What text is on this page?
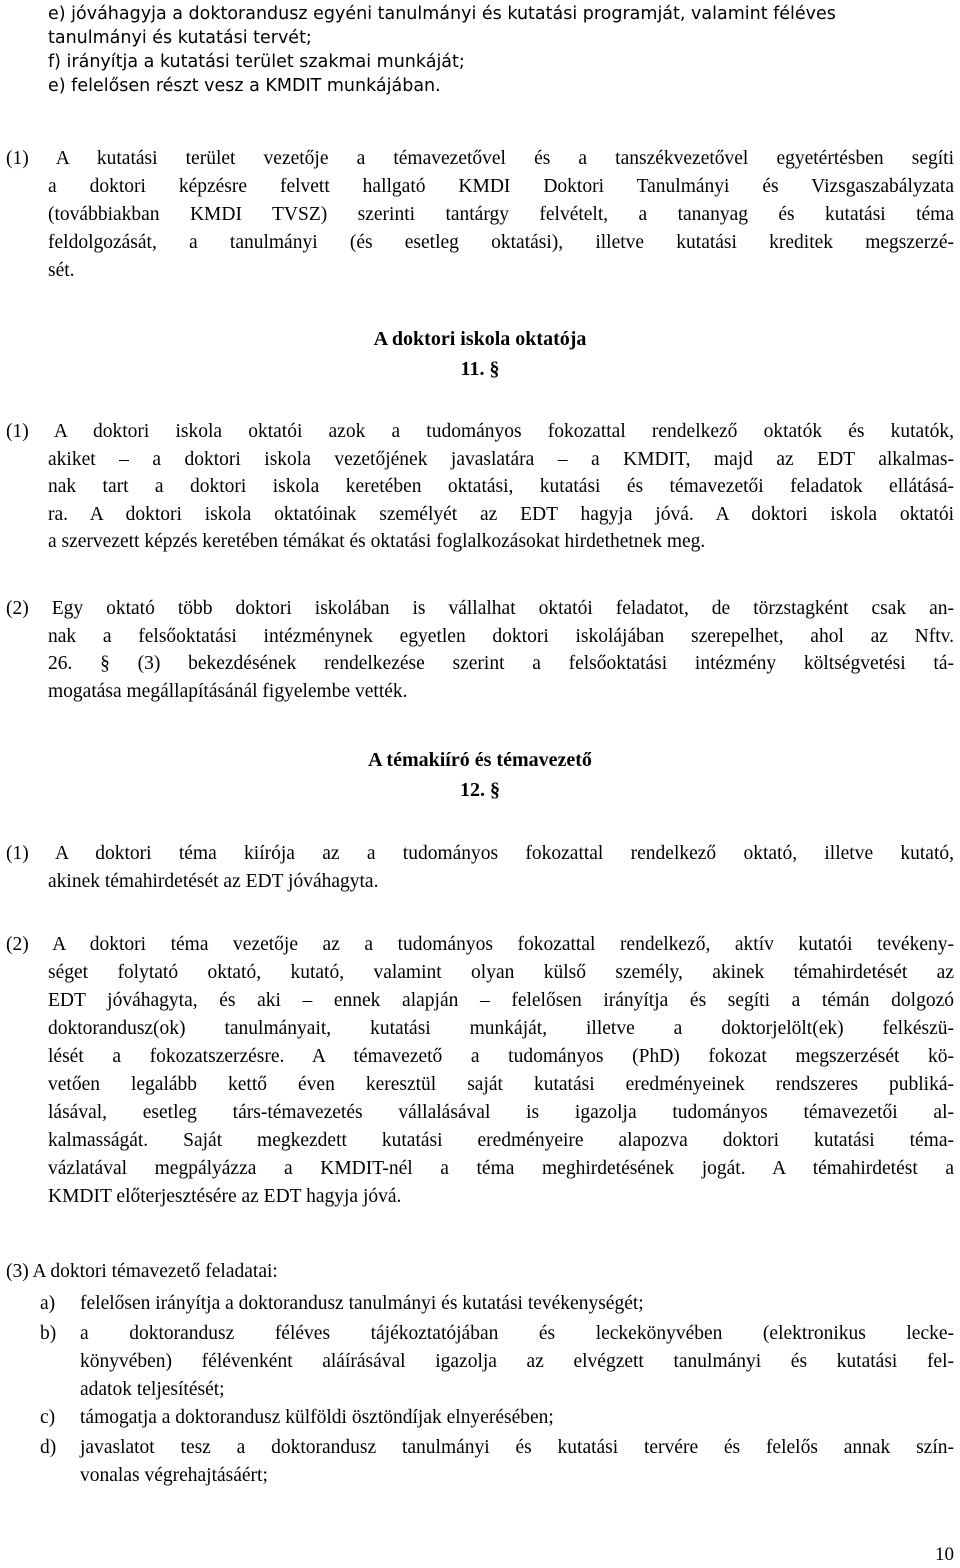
e) jóváhagyja a doktorandusz egyéni tanulmányi és kutatási programját, valamint féléves
tanulmányi és kutatási tervét;
f) irányítja a kutatási terület szakmai munkáját;
e) felelősen részt vesz a KMDIT munkájában.
(1) A kutatási terület vezetője a témavezetővel és a tanszékvezetővel egyetértésben segíti
a doktori képzésre felvett hallgató KMDI Doktori Tanulmányi és Vizsgaszabályzata
(továbbiakban KMDI TVSZ) szerinti tantárgy felvételt, a tananyag és kutatási téma
feldolgozását, a tanulmányi (és esetleg oktatási), illetve kutatási kreditek megszerzé-
sét.
A doktori iskola oktatója
11. §
(1) A doktori iskola oktatói azok a tudományos fokozattal rendelkező oktatók és kutatók,
akiket – a doktori iskola vezetőjének javaslatára – a KMDIT, majd az EDT alkalmas-
nak tart a doktori iskola keretében oktatási, kutatási és témavezetői feladatok ellátásá-
ra. A doktori iskola oktatóinak személyét az EDT hagyja jóvá. A doktori iskola oktatói
a szervezett képzés keretében témákat és oktatási foglalkozásokat hirdethetnek meg.
(2) Egy oktató több doktori iskolában is vállalhat oktatói feladatot, de törzstagként csak an-
nak a felsőoktatási intézménynek egyetlen doktori iskolájában szerepelhet, ahol az Nftv.
26. § (3) bekezdésének rendelkezése szerint a felsőoktatási intézmény költségvetési tá-
mogatása megállapításánál figyelembe vették.
A témakiíró és témavezető
12. §
(1) A doktori téma kiírója az a tudományos fokozattal rendelkező oktató, illetve kutató,
akinek témahirdetését az EDT jóváhagyta.
(2) A doktori téma vezetője az a tudományos fokozattal rendelkező, aktív kutatói tevékeny-
séget folytató oktató, kutató, valamint olyan külső személy, akinek témahirdetését az
EDT jóváhagyta, és aki – ennek alapján – felelősen irányítja és segíti a témán dolgozó
doktorandusz(ok) tanulmányait, kutatási munkáját, illetve a doktorjelölt(ek) felkészü-
lését a fokozatszerzésre. A témavezető a tudományos (PhD) fokozat megszerzését kö-
vetően legalább kettő éven keresztül saját kutatási eredményeinek rendszeres publiká-
lásával, esetleg társ-témavezetés vállalásával is igazolja tudományos témavezetői al-
kalmasságát. Saját megkezdett kutatási eredményeire alapozva doktori kutatási téma-
vázlatával megpályázza a KMDIT-nél a téma meghirdetésének jogát. A témahirdetést a
KMDIT előterjesztésére az EDT hagyja jóvá.
(3) A doktori témavezető feladatai:
a) felelősen irányítja a doktorandusz tanulmányi és kutatási tevékenységét;
b) a doktorandusz féléves tájékoztatójában és leckekönyvében (elektronikus lecke-
könyvében) félévenként aláírásával igazolja az elvégzett tanulmányi és kutatási fel-
adatok teljesítését;
c) támogatja a doktorandusz külföldi ösztöndíjak elnyerésében;
d) javaslatot tesz a doktorandusz tanulmányi és kutatási tervére és felelős annak szín-
vonalas végrehajtásáért;
10
